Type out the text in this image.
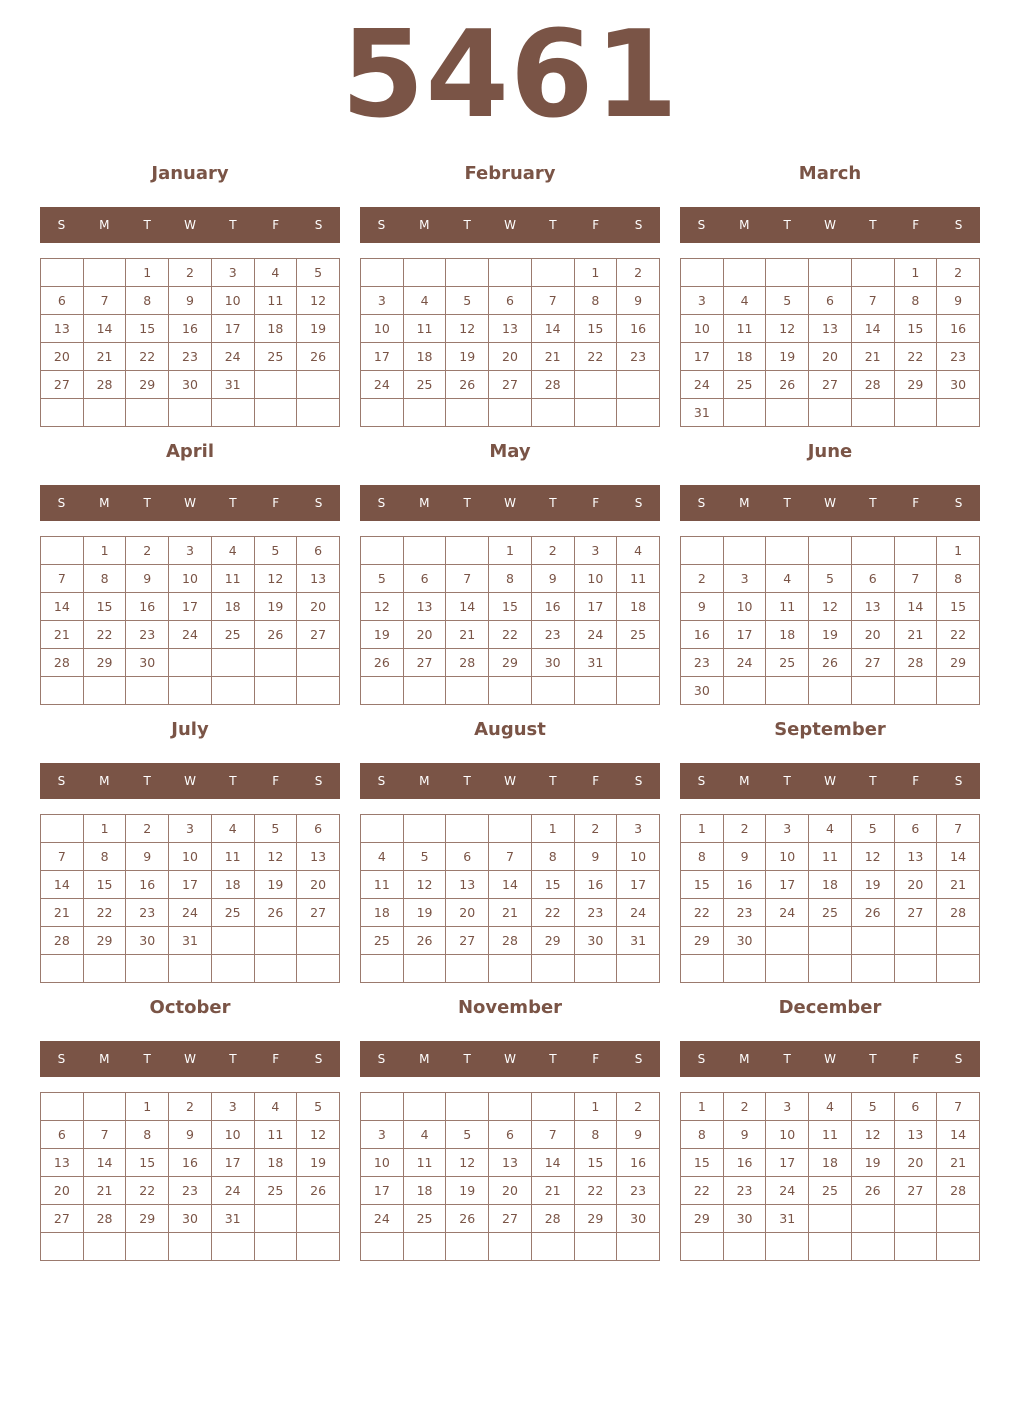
5461
January
S	M	T	W	T	F	S
		1	2	3	4	5
6	7	8	9	10	11	12
13	14	15	16	17	18	19
20	21	22	23	24	25	26
27	28	29	30	31		

February
S	M	T	W	T	F	S
					1	2
3	4	5	6	7	8	9
10	11	12	13	14	15	16
17	18	19	20	21	22	23
24	25	26	27	28		

March
S	M	T	W	T	F	S
					1	2
3	4	5	6	7	8	9
10	11	12	13	14	15	16
17	18	19	20	21	22	23
24	25	26	27	28	29	30
31						
April
S	M	T	W	T	F	S
	1	2	3	4	5	6
7	8	9	10	11	12	13
14	15	16	17	18	19	20
21	22	23	24	25	26	27
28	29	30				

May
S	M	T	W	T	F	S
			1	2	3	4
5	6	7	8	9	10	11
12	13	14	15	16	17	18
19	20	21	22	23	24	25
26	27	28	29	30	31	

June
S	M	T	W	T	F	S
						1
2	3	4	5	6	7	8
9	10	11	12	13	14	15
16	17	18	19	20	21	22
23	24	25	26	27	28	29
30						
July
S	M	T	W	T	F	S
	1	2	3	4	5	6
7	8	9	10	11	12	13
14	15	16	17	18	19	20
21	22	23	24	25	26	27
28	29	30	31			

August
S	M	T	W	T	F	S
				1	2	3
4	5	6	7	8	9	10
11	12	13	14	15	16	17
18	19	20	21	22	23	24
25	26	27	28	29	30	31

September
S	M	T	W	T	F	S
1	2	3	4	5	6	7
8	9	10	11	12	13	14
15	16	17	18	19	20	21
22	23	24	25	26	27	28
29	30					

October
S	M	T	W	T	F	S
		1	2	3	4	5
6	7	8	9	10	11	12
13	14	15	16	17	18	19
20	21	22	23	24	25	26
27	28	29	30	31		

November
S	M	T	W	T	F	S
					1	2
3	4	5	6	7	8	9
10	11	12	13	14	15	16
17	18	19	20	21	22	23
24	25	26	27	28	29	30

December
S	M	T	W	T	F	S
1	2	3	4	5	6	7
8	9	10	11	12	13	14
15	16	17	18	19	20	21
22	23	24	25	26	27	28
29	30	31				
